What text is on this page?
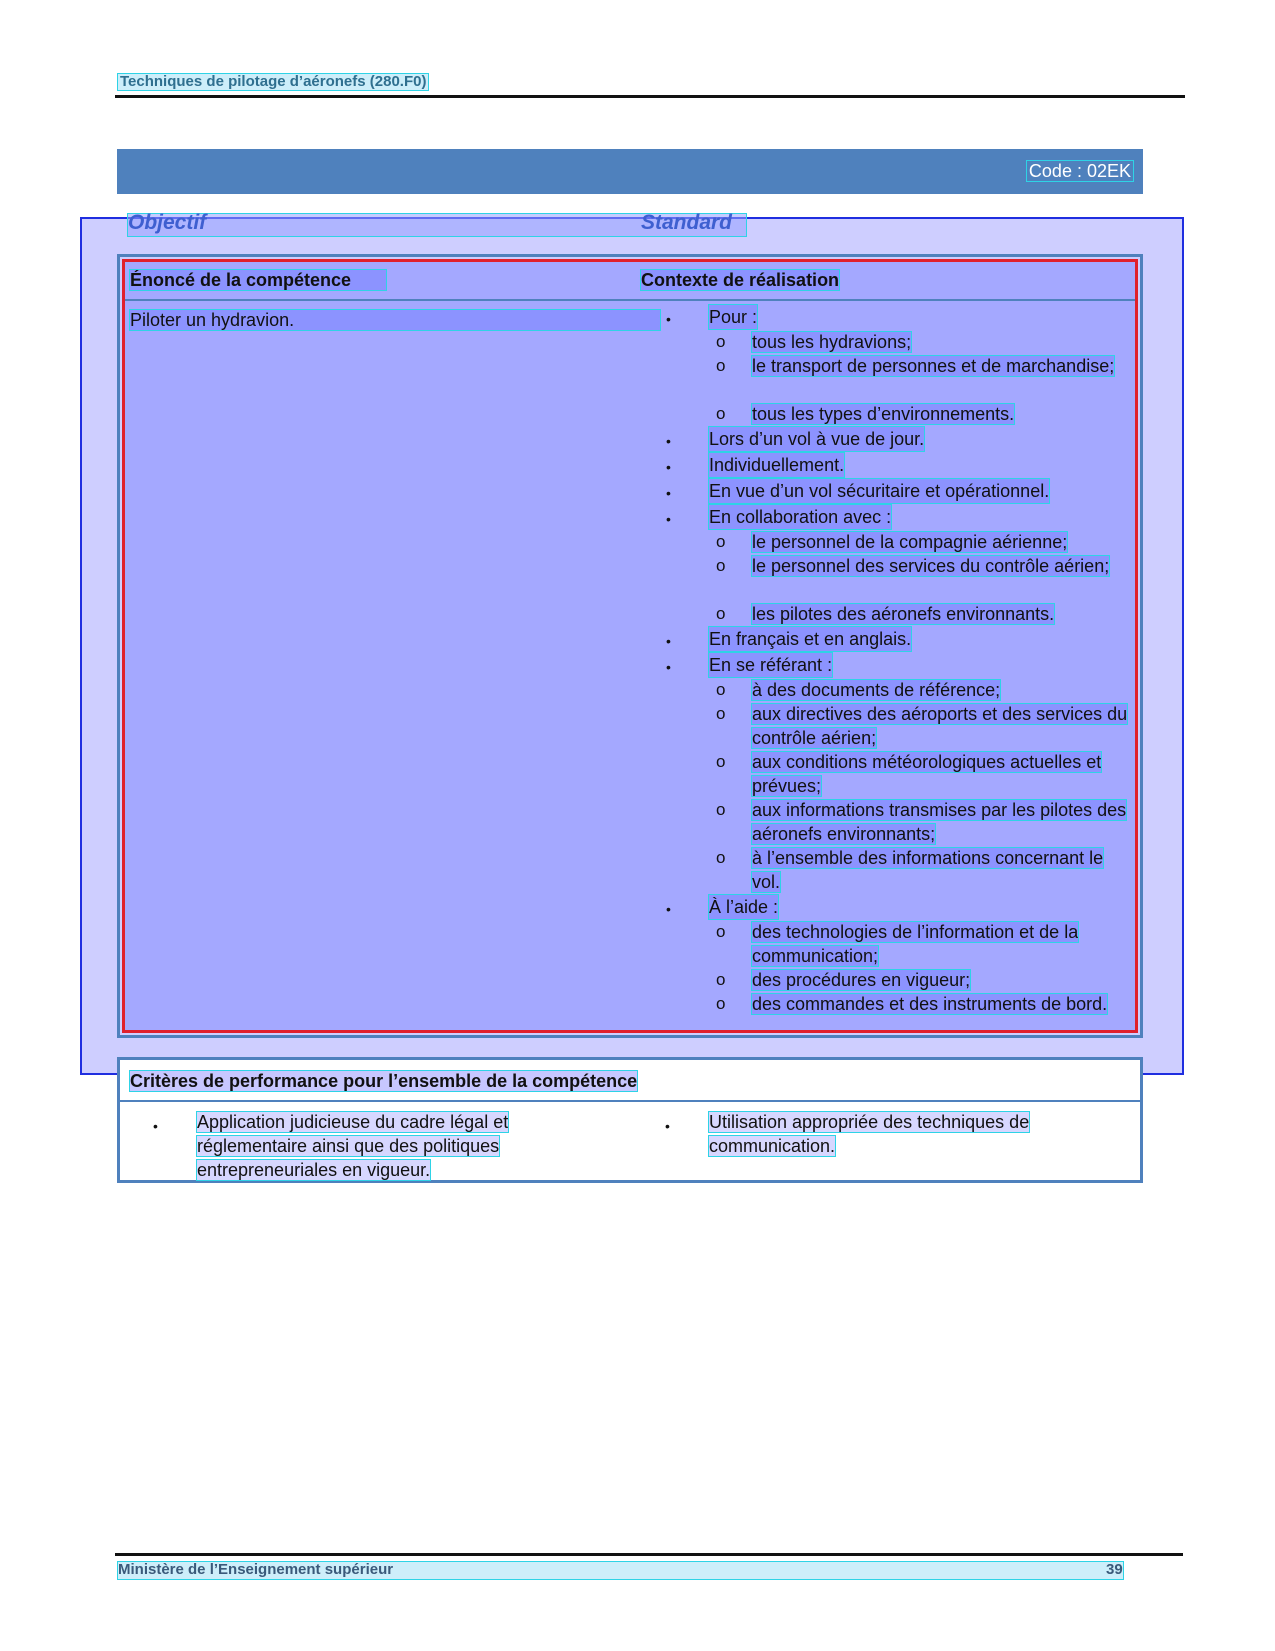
Techniques de pilotage d’aéronefs (280.F0)
Code : 02EK
Objectif	Standard
Énoncé de la compétence	Contexte de réalisation
Piloter un hydravion.	• Pour :
o tous les hydravions;
o le transport de personnes et de marchandise;
o tous les types d’environnements.
• Lors d’un vol à vue de jour.
• Individuellement.
• En vue d’un vol sécuritaire et opérationnel.
• En collaboration avec :
o le personnel de la compagnie aérienne;
o le personnel des services du contrôle aérien;
o les pilotes des aéronefs environnants.
• En français et en anglais.
• En se référant :
o à des documents de référence;
o aux directives des aéroports et des services du contrôle aérien;
o aux conditions météorologiques actuelles et prévues;
o aux informations transmises par les pilotes des aéronefs environnants;
o à l’ensemble des informations concernant le vol.
• À l’aide :
o des technologies de l’information et de la communication;
o des procédures en vigueur;
o des commandes et des instruments de bord.
Critères de performance pour l’ensemble de la compétence
• Application judicieuse du cadre légal et réglementaire ainsi que des politiques entrepreneuriales en vigueur.
• Utilisation appropriée des techniques de communication.
Ministère de l’Enseignement supérieur	39
